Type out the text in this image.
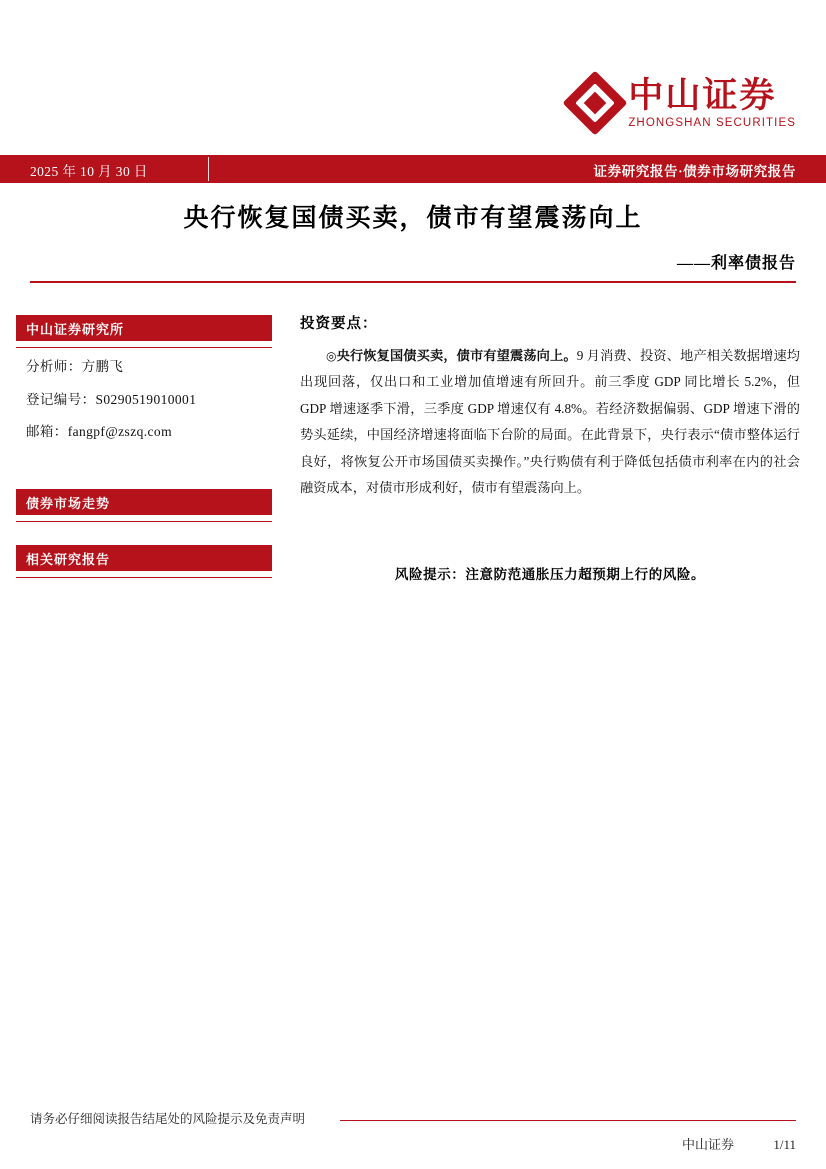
中山证券
ZHONGSHAN SECURITIES
2025 年 10 月 30 日	证券研究报告·债券市场研究报告
央行恢复国债买卖，债市有望震荡向上
——利率债报告
中山证券研究所
分析师：方鹏飞
登记编号：S0290519010001
邮箱：fangpf@zszq.com
债券市场走势
相关研究报告
投资要点：
◎央行恢复国债买卖，债市有望震荡向上。9 月消费、投资、地产相关数据增速均出现回落，仅出口和工业增加值增速有所回升。前三季度 GDP 同比增长 5.2%，但 GDP 增速逐季下滑，三季度 GDP 增速仅有 4.8%。若经济数据偏弱、GDP 增速下滑的势头延续，中国经济增速将面临下台阶的局面。在此背景下，央行表示“债市整体运行良好，将恢复公开市场国债买卖操作。”央行购债有利于降低包括债市利率在内的社会融资成本，对债市形成利好，债市有望震荡向上。
风险提示：注意防范通胀压力超预期上行的风险。
请务必仔细阅读报告结尾处的风险提示及免责声明
中山证券	1/11
